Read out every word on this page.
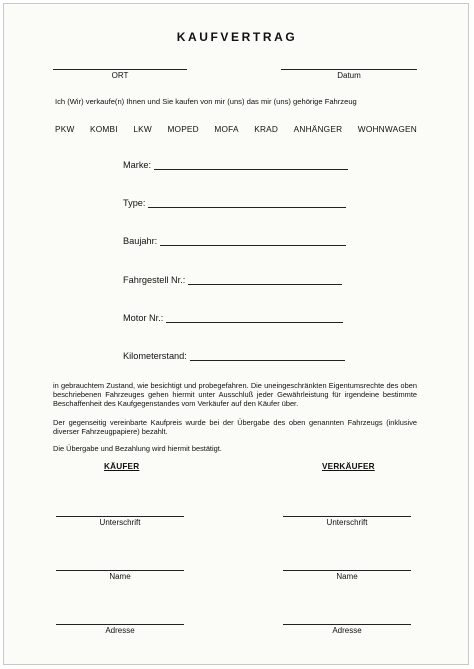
KAUFVERTRAG
ORT	Datum
Ich (Wir) verkaufe(n) Ihnen und Sie kaufen von mir (uns) das mir (uns) gehörige Fahrzeug
PKW KOMBI LKW MOPED MOFA KRAD ANHÄNGER WOHNWAGEN
Marke:
Type:
Baujahr:
Fahrgestell Nr.:
Motor Nr.:
Kilometerstand:
in gebrauchtem Zustand, wie besichtigt und probegefahren. Die uneingeschränkten Eigentumsrechte des oben beschriebenen Fahrzeuges gehen hiermit unter Ausschluß jeder Gewährleistung für irgendeine bestimmte Beschaffenheit des Kaufgegenstandes vom Verkäufer auf den Käufer über.
Der gegenseitig vereinbarte Kaufpreis wurde bei der Übergabe des oben genannten Fahrzeugs (inklusive diverser Fahrzeugpapiere) bezahlt.
Die Übergabe und Bezahlung wird hiermit bestätigt.
KÄUFER	VERKÄUFER
Unterschrift	Unterschrift
Name	Name
Adresse	Adresse
